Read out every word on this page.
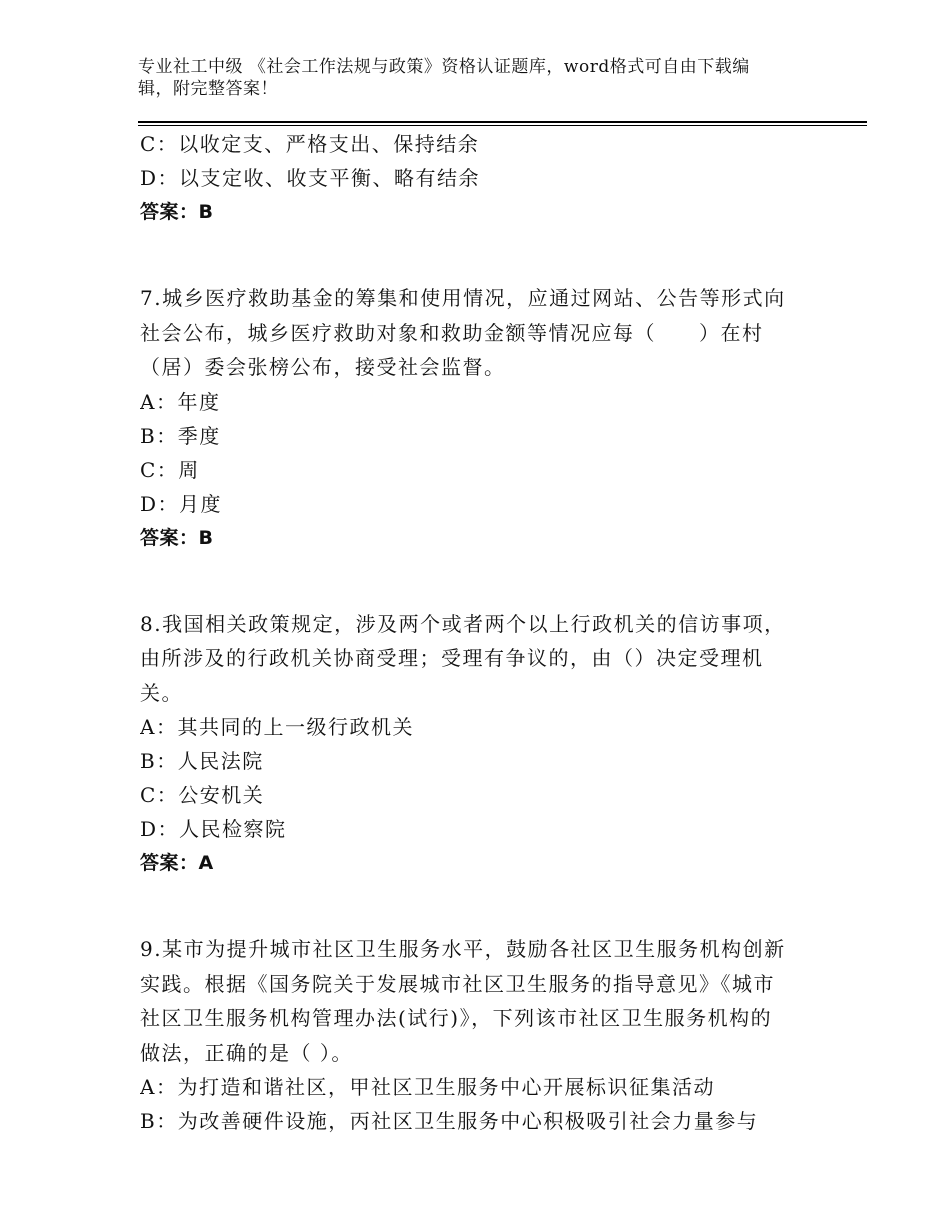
专业社工中级 《社会工作法规与政策》资格认证题库，word格式可自由下载编
辑，附完整答案！
C：以收定支、严格支出、保持结余
D：以支定收、收支平衡、略有结余
答案：B
7.城乡医疗救助基金的筹集和使用情况，应通过网站、公告等形式向
社会公布，城乡医疗救助对象和救助金额等情况应每（　　）在村
（居）委会张榜公布，接受社会监督。
A：年度
B：季度
C：周
D：月度
答案：B
8.我国相关政策规定，涉及两个或者两个以上行政机关的信访事项，
由所涉及的行政机关协商受理；受理有争议的，由（）决定受理机
关。
A：其共同的上一级行政机关
B：人民法院
C：公安机关
D：人民检察院
答案：A
9.某市为提升城市社区卫生服务水平，鼓励各社区卫生服务机构创新
实践。根据《国务院关于发展城市社区卫生服务的指导意见》《城市
社区卫生服务机构管理办法(试行)》，下列该市社区卫生服务机构的
做法，正确的是（ ）。
A：为打造和谐社区，甲社区卫生服务中心开展标识征集活动
B：为改善硬件设施，丙社区卫生服务中心积极吸引社会力量参与
